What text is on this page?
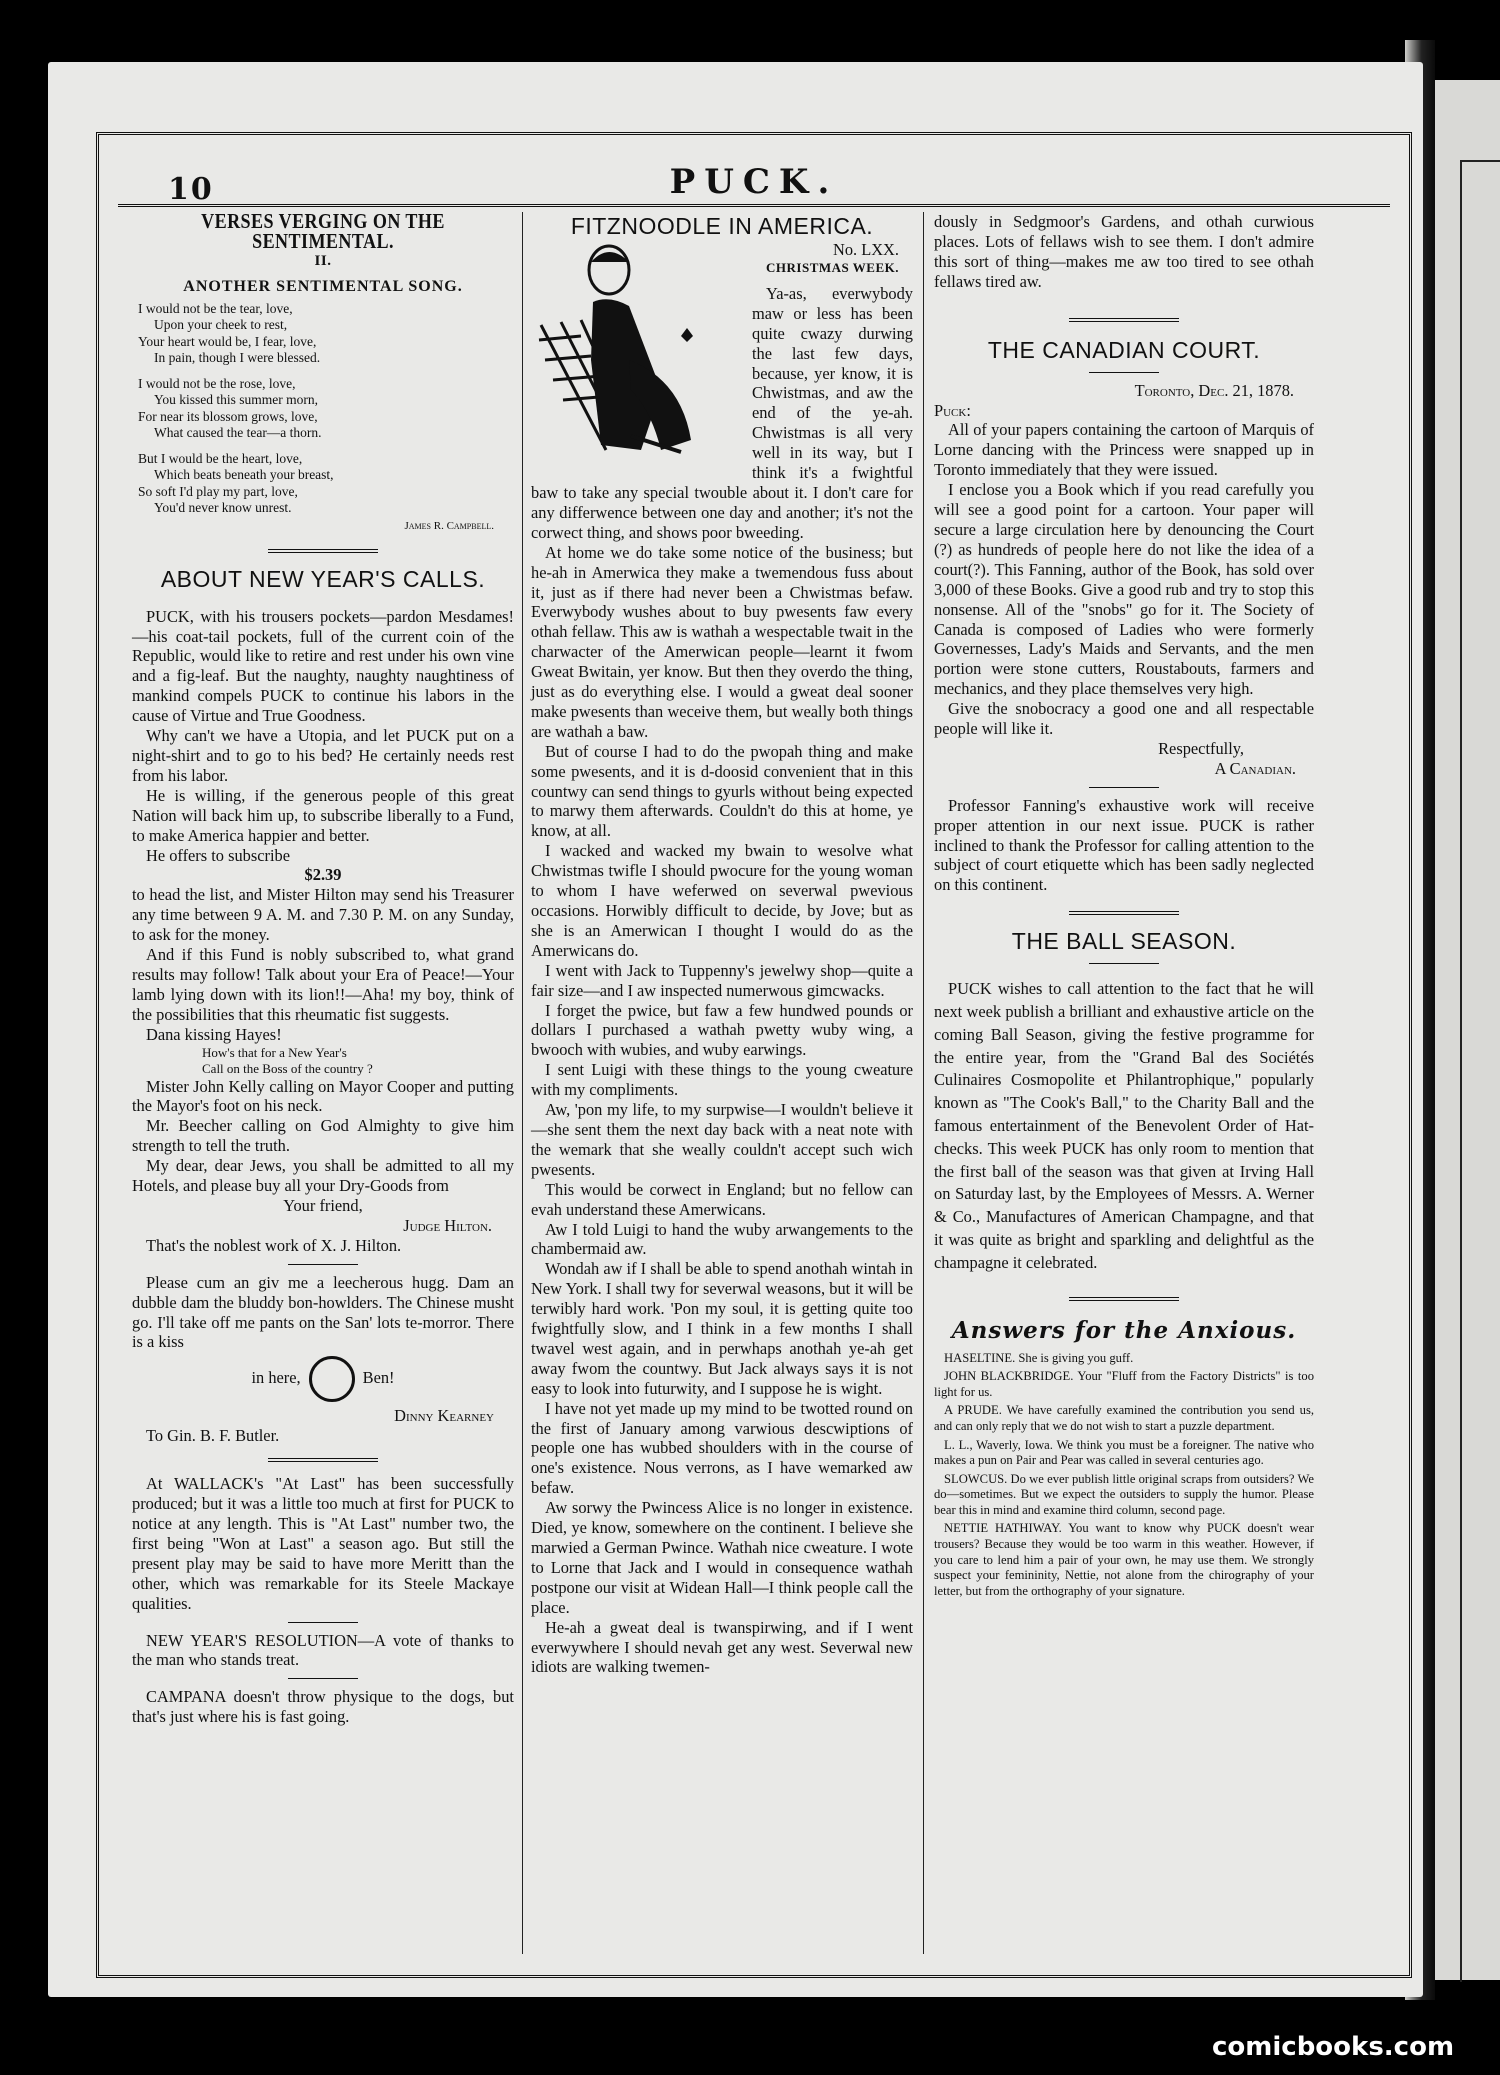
10	PUCK.
VERSES VERGING ON THE SENTIMENTAL.
II.
ANOTHER SENTIMENTAL SONG.
I would not be the tear, love,
Upon your cheek to rest,
Your heart would be, I fear, love,
In pain, though I were blessed.
I would not be the rose, love,
You kissed this summer morn,
For near its blossom grows, love,
What caused the tear—a thorn.
But I would be the heart, love,
Which beats beneath your breast,
So soft I'd play my part, love,
You'd never know unrest.
James R. Campbell.
ABOUT NEW YEAR'S CALLS.

PUCK, with his trousers pockets—pardon Mesdames!—his coat-tail pockets, full of the current coin of the Republic, would like to retire and rest under his own vine and a fig-leaf. But the naughty, naughty naughtiness of mankind compels PUCK to continue his labors in the cause of Virtue and True Goodness.

Why can't we have a Utopia, and let PUCK put on a night-shirt and to go to his bed? He certainly needs rest from his labor.

He is willing, if the generous people of this great Nation will back him up, to subscribe liberally to a Fund, to make America happier and better.

He offers to subscribe

$2.39

to head the list, and Mister Hilton may send his Treasurer any time between 9 A. M. and 7.30 P. M. on any Sunday, to ask for the money.

And if this Fund is nobly subscribed to, what grand results may follow! Talk about your Era of Peace!—Your lamb lying down with its lion!!—Aha! my boy, think of the possibilities that this rheumatic fist suggests.

Dana kissing Hayes!

How's that for a New Year's
Call on the Boss of the country ?

Mister John Kelly calling on Mayor Cooper and putting the Mayor's foot on his neck.

Mr. Beecher calling on God Almighty to give him strength to tell the truth.

My dear, dear Jews, you shall be admitted to all my Hotels, and please buy all your Dry-Goods from

Your friend,
Judge Hilton.

That's the noblest work of X. J. Hilton.

Please cum an giv me a leecherous hugg. Dam an dubble dam the bluddy bon-howlders. The Chinese musht go. I'll take off me pants on the San' lots te-morror. There is a kiss

in here,	Ben!
Dinny Kearney

To Gin. B. F. Butler.

At WALLACK's "At Last" has been successfully produced; but it was a little too much at first for PUCK to notice at any length. This is "At Last" number two, the first being "Won at Last" a season ago. But still the present play may be said to have more Meritt than the other, which was remarkable for its Steele Mackaye qualities.

NEW YEAR'S RESOLUTION—A vote of thanks to the man who stands treat.

CAMPANA doesn't throw physique to the dogs, but that's just where his is fast going.

FITZNOODLE IN AMERICA.
No. LXX.
CHRISTMAS WEEK.

Ya-as, everwybody maw or less has been quite cwazy durwing the last few days, because, yer know, it is Chwistmas, and aw the end of the ye-ah. Chwistmas is all very well in its way, but I think it's a fwightful baw to take any special twouble about it. I don't care for any differwence between one day and another; it's not the corwect thing, and shows poor bweeding.

At home we do take some notice of the business; but he-ah in Amerwica they make a twemendous fuss about it, just as if there had never been a Chwistmas befaw. Everwybody wushes about to buy pwesents faw every othah fellaw. This aw is wathah a wespectable twait in the charwacter of the Amerwican people—learnt it fwom Gweat Bwitain, yer know. But then they overdo the thing, just as do everything else. I would a gweat deal sooner make pwesents than weceive them, but weally both things are wathah a baw.

But of course I had to do the pwopah thing and make some pwesents, and it is d-doosid convenient that in this countwy can send things to gyurls without being expected to marwy them afterwards. Couldn't do this at home, ye know, at all.

I wacked and wacked my bwain to wesolve what Chwistmas twifle I should pwocure for the young woman to whom I have weferwed on severwal pwevious occasions. Horwibly difficult to decide, by Jove; but as she is an Amerwican I thought I would do as the Amerwicans do.

I went with Jack to Tuppenny's jewelwy shop—quite a fair size—and I aw inspected numerwous gimcwacks.

I forget the pwice, but faw a few hundwed pounds or dollars I purchased a wathah pwetty wuby wing, a bwooch with wubies, and wuby earwings.

I sent Luigi with these things to the young cweature with my compliments.

Aw, 'pon my life, to my surpwise—I wouldn't believe it—she sent them the next day back with a neat note with the wemark that she weally couldn't accept such wich pwesents.

This would be corwect in England; but no fellow can evah understand these Amerwicans.

Aw I told Luigi to hand the wuby arwangements to the chambermaid aw.

Wondah aw if I shall be able to spend anothah wintah in New York. I shall twy for severwal weasons, but it will be terwibly hard work. 'Pon my soul, it is getting quite too fwightfully slow, and I think in a few months I shall twavel west again, and in perwhaps anothah ye-ah get away fwom the countwy. But Jack always says it is not easy to look into futurwity, and I suppose he is wight.

I have not yet made up my mind to be twotted round on the first of January among varwious descwiptions of people one has wubbed shoulders with in the course of one's existence. Nous verrons, as I have wemarked aw befaw.

Aw sorwy the Pwincess Alice is no longer in existence. Died, ye know, somewhere on the continent. I believe she marwied a German Pwince. Wathah nice cweature. I wote to Lorne that Jack and I would in consequence wathah postpone our visit at Widean Hall—I think people call the place.

He-ah a gweat deal is twanspirwing, and if I went everwywhere I should nevah get any west. Severwal new idiots are walking twemen-

dously in Sedgmoor's Gardens, and othah curwious places. Lots of fellaws wish to see them. I don't admire this sort of thing—makes me aw too tired to see othah fellaws tired aw.

THE CANADIAN COURT.
Toronto, Dec. 21, 1878.
Puck:

All of your papers containing the cartoon of Marquis of Lorne dancing with the Princess were snapped up in Toronto immediately that they were issued.

I enclose you a Book which if you read carefully you will see a good point for a cartoon. Your paper will secure a large circulation here by denouncing the Court (?) as hundreds of people here do not like the idea of a court(?). This Fanning, author of the Book, has sold over 3,000 of these Books. Give a good rub and try to stop this nonsense. All of the "snobs" go for it. The Society of Canada is composed of Ladies who were formerly Governesses, Lady's Maids and Servants, and the men portion were stone cutters, Roustabouts, farmers and mechanics, and they place themselves very high.

Give the snobocracy a good one and all respectable people will like it.

Respectfully,
A Canadian.

Professor Fanning's exhaustive work will receive proper attention in our next issue. PUCK is rather inclined to thank the Professor for calling attention to the subject of court etiquette which has been sadly neglected on this continent.

THE BALL SEASON.

PUCK wishes to call attention to the fact that he will next week publish a brilliant and exhaustive article on the coming Ball Season, giving the festive programme for the entire year, from the "Grand Bal des Sociétés Culinaires Cosmopolite et Philantrophique," popularly known as "The Cook's Ball," to the Charity Ball and the famous entertainment of the Benevolent Order of Hat-checks. This week PUCK has only room to mention that the first ball of the season was that given at Irving Hall on Saturday last, by the Employees of Messrs. A. Werner & Co., Manufactures of American Champagne, and that it was quite as bright and sparkling and delightful as the champagne it celebrated.

Answers for the Anxious.

HASELTINE. She is giving you guff.

JOHN BLACKBRIDGE. Your "Fluff from the Factory Districts" is too light for us.

A PRUDE. We have carefully examined the contribution you send us, and can only reply that we do not wish to start a puzzle department.

L. L., Waverly, Iowa. We think you must be a foreigner. The native who makes a pun on Pair and Pear was called in several centuries ago.

SLOWCUS. Do we ever publish little original scraps from outsiders? We do—sometimes. But we expect the outsiders to supply the humor. Please bear this in mind and examine third column, second page.

NETTIE HATHIWAY. You want to know why PUCK doesn't wear trousers? Because they would be too warm in this weather. However, if you care to lend him a pair of your own, he may use them. We strongly suspect your femininity, Nettie, not alone from the chirography of your letter, but from the orthography of your signature.

comicbooks.com
